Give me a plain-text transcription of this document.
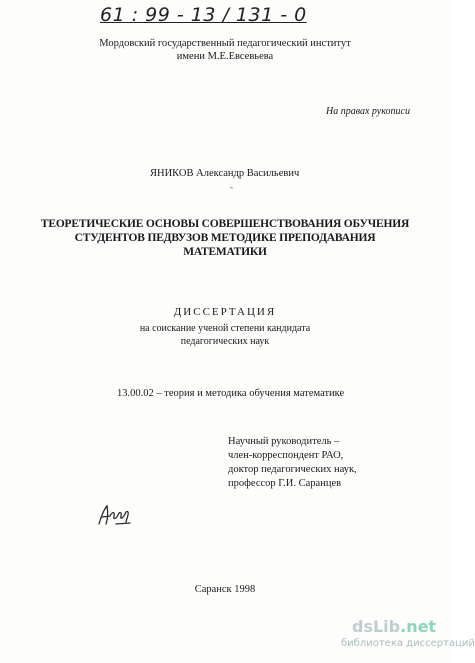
61 : 99 - 13 / 131 - 0
Мордовский государственный педагогический институт
имени М.Е.Евсевьева
На правах рукописи
ЯНИКОВ Александр Васильевич
-
ТЕОРЕТИЧЕСКИЕ ОСНОВЫ СОВЕРШЕНСТВОВАНИЯ ОБУЧЕНИЯ
СТУДЕНТОВ ПЕДВУЗОВ МЕТОДИКЕ ПРЕПОДАВАНИЯ
МАТЕМАТИКИ
ДИССЕРТАЦИЯ
на соискание ученой степени кандидата
педагогических наук
13.00.02 – теория и методика обучения математике
Научный руководитель –
член-корреспондент РАО,
доктор педагогических наук,
профессор Г.И. Саранцев
Саранск 1998
dsLib.net
библиотека диссертаций
